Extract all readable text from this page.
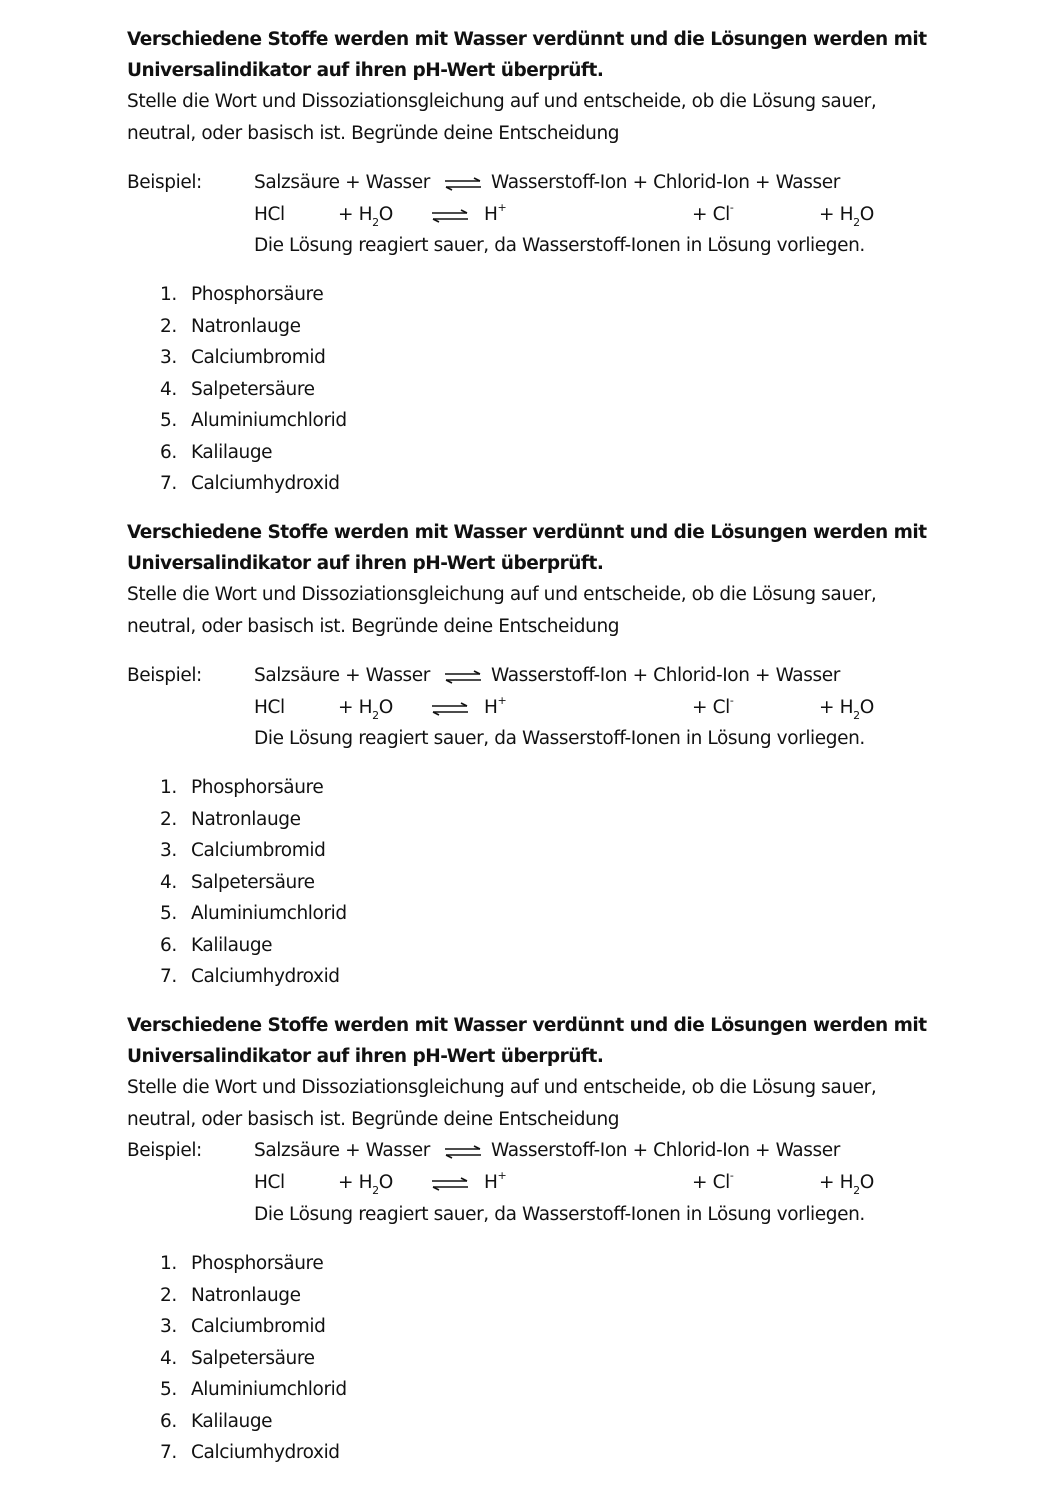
Verschiedene Stoffe werden mit Wasser verdünnt und die Lösungen werden mit
Universalindikator auf ihren pH-Wert überprüft.
Stelle die Wort und Dissoziationsgleichung auf und entscheide, ob die Lösung sauer,
neutral, oder basisch ist. Begründe deine Entscheidung
Beispiel:	Salzsäure + Wasser ⇌ Wasserstoff-Ion + Chlorid-Ion + Wasser
HCl	+ $H_2O$ ⇌ H+	+ Cl-	+ $H_2O$
Die Lösung reagiert sauer, da Wasserstoff-Ionen in Lösung vorliegen.
1. Phosphorsäure
2. Natronlauge
3. Calciumbromid
4. Salpetersäure
5. Aluminiumchlorid
6. Kalilauge
7. Calciumhydroxid
Verschiedene Stoffe werden mit Wasser verdünnt und die Lösungen werden mit
Universalindikator auf ihren pH-Wert überprüft.
Stelle die Wort und Dissoziationsgleichung auf und entscheide, ob die Lösung sauer,
neutral, oder basisch ist. Begründe deine Entscheidung
Beispiel:	Salzsäure + Wasser ⇌ Wasserstoff-Ion + Chlorid-Ion + Wasser
HCl	+ $H_2O$ ⇌ H+	+ Cl-	+ $H_2O$
Die Lösung reagiert sauer, da Wasserstoff-Ionen in Lösung vorliegen.
1. Phosphorsäure
2. Natronlauge
3. Calciumbromid
4. Salpetersäure
5. Aluminiumchlorid
6. Kalilauge
7. Calciumhydroxid
Verschiedene Stoffe werden mit Wasser verdünnt und die Lösungen werden mit
Universalindikator auf ihren pH-Wert überprüft.
Stelle die Wort und Dissoziationsgleichung auf und entscheide, ob die Lösung sauer,
neutral, oder basisch ist. Begründe deine Entscheidung
Beispiel:	Salzsäure + Wasser ⇌ Wasserstoff-Ion + Chlorid-Ion + Wasser
HCl	+ $H_2O$ ⇌ H+	+ Cl-	+ $H_2O$
Die Lösung reagiert sauer, da Wasserstoff-Ionen in Lösung vorliegen.
1. Phosphorsäure
2. Natronlauge
3. Calciumbromid
4. Salpetersäure
5. Aluminiumchlorid
6. Kalilauge
7. Calciumhydroxid
